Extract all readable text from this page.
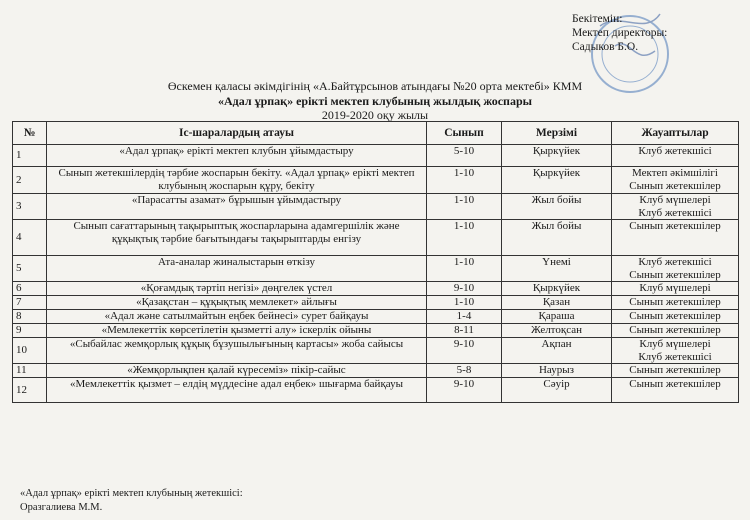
Бекітемін:
Мектеп директоры:
Садыков Б.О.
Өскемен қаласы әкімдігінің «А.Байтұрсынов атындағы №20 орта мектебі» КММ
«Адал ұрпақ» ерікті мектеп клубының жылдық жоспары
2019-2020 оқу жылы
№	Іс-шаралардың атауы	Сынып	Мерзімі	Жауаптылар
1	«Адал ұрпақ» ерікті мектеп клубын ұйымдастыру	5-10	Қыркүйек	Клуб жетекшісі

2	Сынып жетекшілердің тәрбие жоспарын бекіту. «Адал ұрпақ» ерікті мектеп клубының жоспарын құру, бекіту	1-10	Қыркүйек	Мектеп әкімшілігі
Сынып жетекшілер

3	«Парасатты азамат» бұрышын ұйымдастыру	1-10	Жыл бойы	Клуб мүшелері
Клуб жетекшісі

4	Сынып сағаттарының тақырыптық жоспарларына адамгершілік және құқықтық тәрбие бағытындағы тақырыптарды енгізу	1-10	Жыл бойы	Сынып жетекшілер

5	Ата-аналар жиналыстарын өткізу	1-10	Үнемі	Клуб жетекшісі
Сынып жетекшілер

6	«Қоғамдық тәртіп негізі» дөңгелек үстел	9-10	Қыркүйек	Клуб мүшелері

7	«Қазақстан – құқықтық мемлекет» айлығы	1-10	Қазан	Сынып жетекшілер

8	«Адал және сатылмайтын еңбек бейнесі» сурет байқауы	1-4	Қараша	Сынып жетекшілер

9	«Мемлекеттік көрсетілетін қызметті алу» іскерлік ойыны	8-11	Желтоқсан	Сынып жетекшілер

10	«Сыбайлас жемқорлық құқық бұзушылығының картасы» жоба сайысы	9-10	Ақпан	Клуб мүшелері
Клуб жетекшісі

11	«Жемқорлықпен қалай күресеміз» пікір-сайыс	5-8	Наурыз	Сынып жетекшілер

12	«Мемлекеттік қызмет – елдің мүддесіне адал еңбек» шығарма байқауы	9-10	Сәуір	Сынып жетекшілер
«Адал ұрпақ» ерікті мектеп клубының жетекшісі:
Оразгалиева М.М.
